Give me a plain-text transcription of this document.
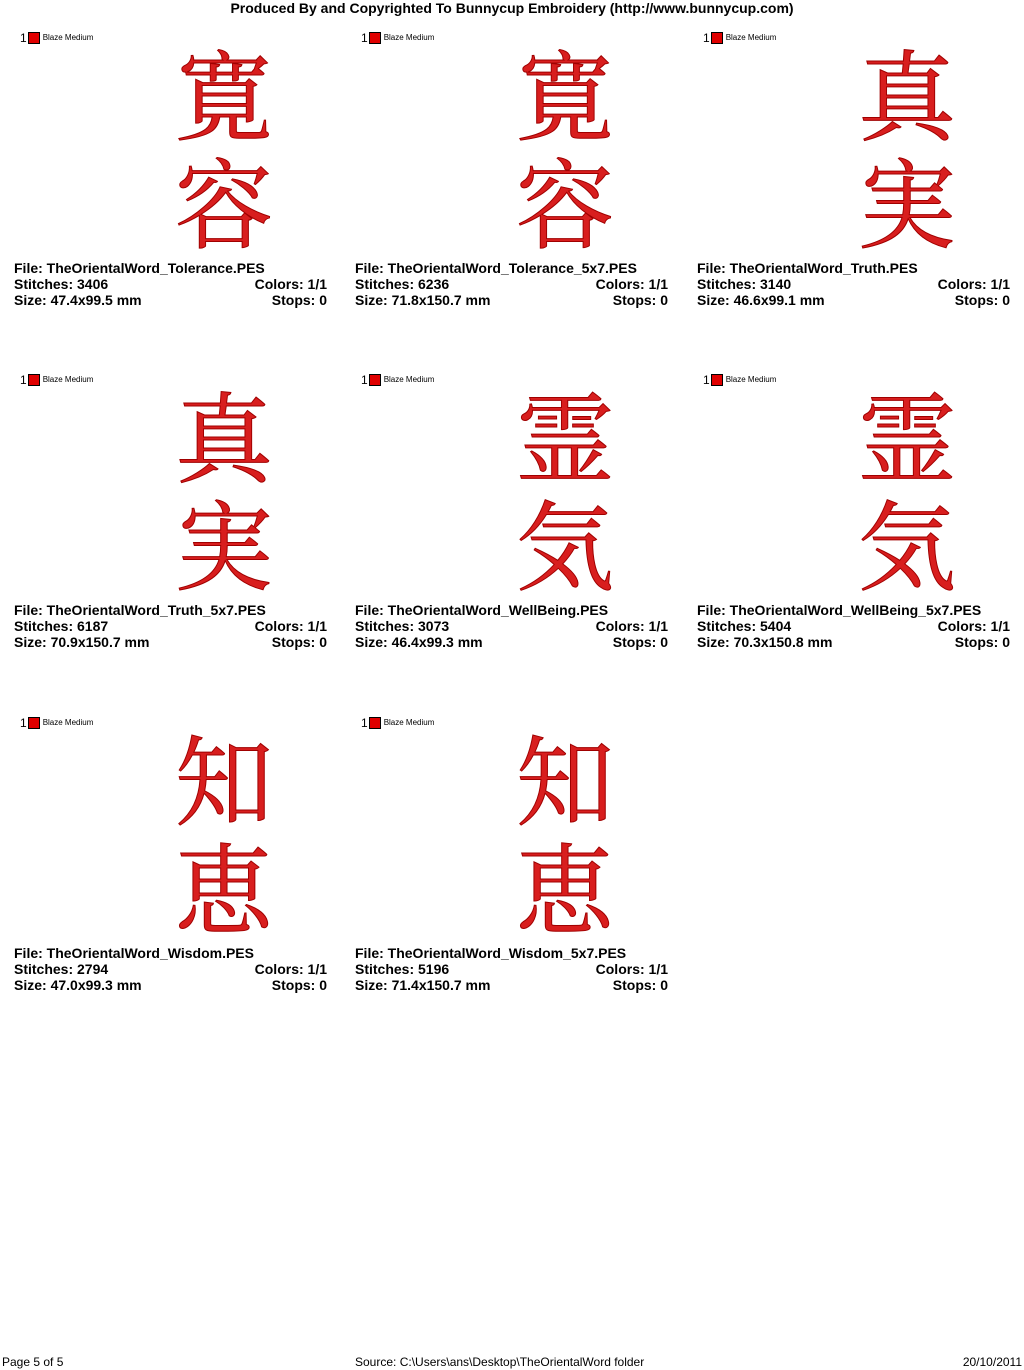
Produced By and Copyrighted To Bunnycup Embroidery (http://www.bunnycup.com)
1 Blaze Medium
寛
容
File: TheOrientalWord_Tolerance.PES
Stitches: 3406	Colors: 1/1
Size: 47.4x99.5 mm	Stops: 0
1 Blaze Medium
寛
容
File: TheOrientalWord_Tolerance_5x7.PES
Stitches: 6236	Colors: 1/1
Size: 71.8x150.7 mm	Stops: 0
1 Blaze Medium
真
実
File: TheOrientalWord_Truth.PES
Stitches: 3140	Colors: 1/1
Size: 46.6x99.1 mm	Stops: 0
1 Blaze Medium
真
実
File: TheOrientalWord_Truth_5x7.PES
Stitches: 6187	Colors: 1/1
Size: 70.9x150.7 mm	Stops: 0
1 Blaze Medium
霊
気
File: TheOrientalWord_WellBeing.PES
Stitches: 3073	Colors: 1/1
Size: 46.4x99.3 mm	Stops: 0
1 Blaze Medium
霊
気
File: TheOrientalWord_WellBeing_5x7.PES
Stitches: 5404	Colors: 1/1
Size: 70.3x150.8 mm	Stops: 0
1 Blaze Medium
知
恵
File: TheOrientalWord_Wisdom.PES
Stitches: 2794	Colors: 1/1
Size: 47.0x99.3 mm	Stops: 0
1 Blaze Medium
知
恵
File: TheOrientalWord_Wisdom_5x7.PES
Stitches: 5196	Colors: 1/1
Size: 71.4x150.7 mm	Stops: 0
Page 5 of 5	Source: C:\Users\ans\Desktop\TheOrientalWord folder	20/10/2011
